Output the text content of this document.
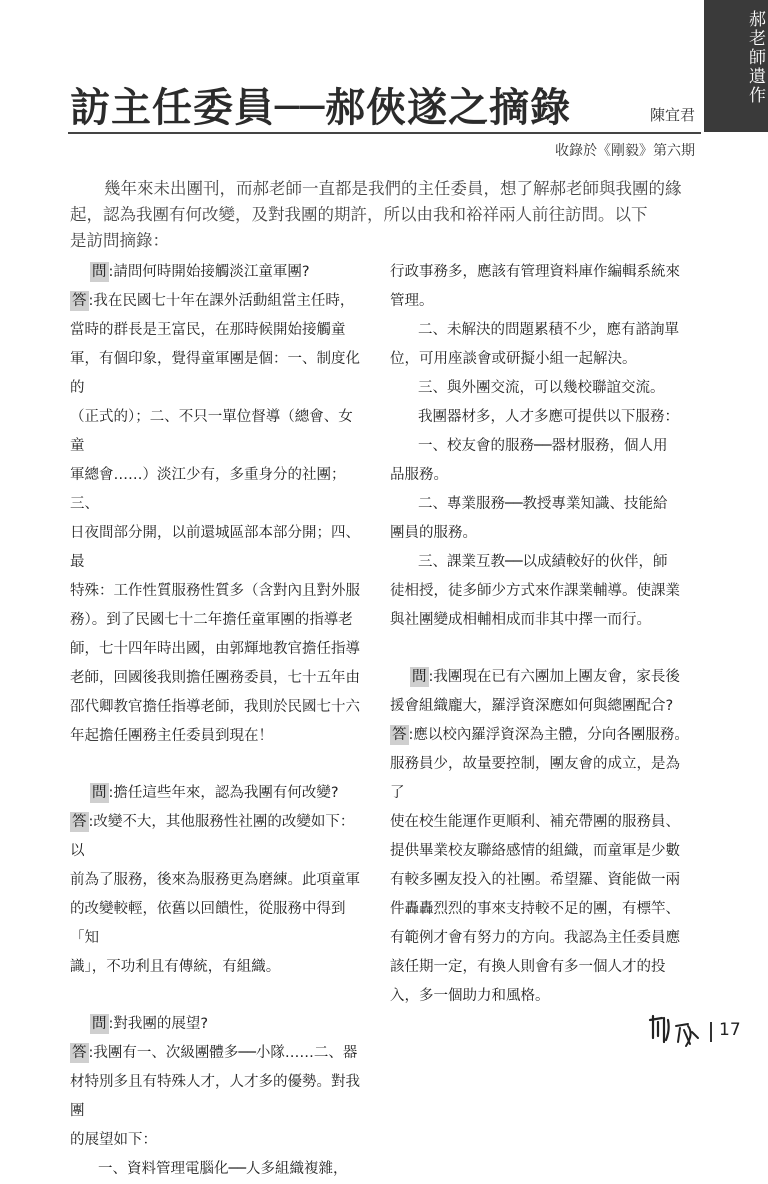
郝老師遺作
訪主任委員──郝俠遂之摘錄	陳宜君
收錄於《剛毅》第六期
幾年來未出團刊，而郝老師一直都是我們的主任委員，想了解郝老師與我團的緣
起，認為我團有何改變，及對我團的期許，所以由我和裕祥兩人前往訪問。以下
是訪問摘錄：
問 :請問何時開始接觸淡江童軍團?
答 :我在民國七十年在課外活動組當主任時，
當時的群長是王富民，在那時候開始接觸童
軍，有個印象，覺得童軍團是個：一、制度化的
（正式的）；二、不只一單位督導（總會、女童
軍總會……）淡江少有，多重身分的社團；三、
日夜間部分開，以前還城區部本部分開；四、最
特殊：工作性質服務性質多（含對內且對外服
務）。到了民國七十二年擔任童軍團的指導老
師，七十四年時出國，由郭輝地教官擔任指導
老師，回國後我則擔任團務委員，七十五年由
邵代卿教官擔任指導老師，我則於民國七十六
年起擔任團務主任委員到現在！
問 :擔任這些年來，認為我團有何改變?
答 :改變不大，其他服務性社團的改變如下：以
前為了服務，後來為服務更為磨練。此項童軍
的改變較輕，依舊以回饋性，從服務中得到「知
識」，不功利且有傳統，有組織。
問 :對我團的展望?
答 :我團有一、次級團體多──小隊……二、器
材特別多且有特殊人才，人才多的優勢。對我團
的展望如下：
一、資料管理電腦化──人多組織複雜，
行政事務多，應該有管理資料庫作編輯系統來
管理。
二、未解決的問題累積不少，應有諮詢單
位，可用座談會或研擬小組一起解決。
三、與外團交流，可以幾校聯誼交流。
我團器材多，人才多應可提供以下服務：
一、校友會的服務──器材服務，個人用
品服務。
二、專業服務──教授專業知識、技能給
團員的服務。
三、課業互教──以成績較好的伙伴，師
徒相授，徒多師少方式來作課業輔導。使課業
與社團變成相輔相成而非其中擇一而行。
問 :我團現在已有六團加上團友會，家長後
援會組織龐大，羅浮資深應如何與總團配合?
答 :應以校內羅浮資深為主體，分向各團服務。
服務員少，故量要控制，團友會的成立，是為了
使在校生能運作更順利、補充帶團的服務員、
提供畢業校友聯絡感情的組織，而童軍是少數
有較多團友投入的社團。希望羅、資能做一兩
件轟轟烈烈的事來支持較不足的團，有標竿、
有範例才會有努力的方向。我認為主任委員應
該任期一定，有換人則會有多一個人才的投
入，多一個助力和風格。
17
